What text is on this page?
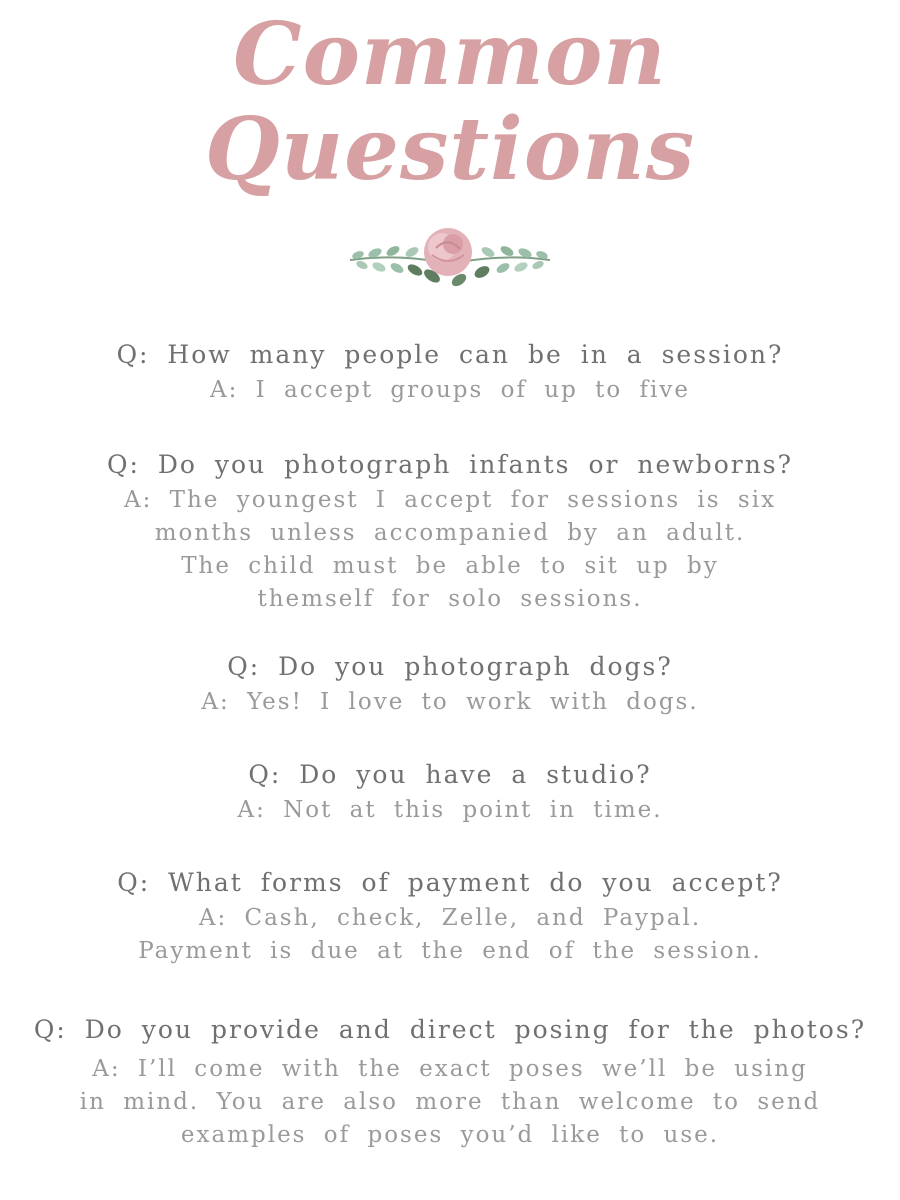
Common
Questions

Q: How many people can be in a session?

A: I accept groups of up to five

Q: Do you photograph infants or newborns?

A: The youngest I accept for sessions is six
months unless accompanied by an adult.
The child must be able to sit up by
themself for solo sessions.

Q: Do you photograph dogs?

A: Yes! I love to work with dogs.

Q: Do you have a studio?

A: Not at this point in time.

Q: What forms of payment do you accept?

A: Cash, check, Zelle, and Paypal.
Payment is due at the end of the session.

Q: Do you provide and direct posing for the photos?

A: I’ll come with the exact poses we’ll be using
in mind. You are also more than welcome to send
examples of poses you’d like to use.
